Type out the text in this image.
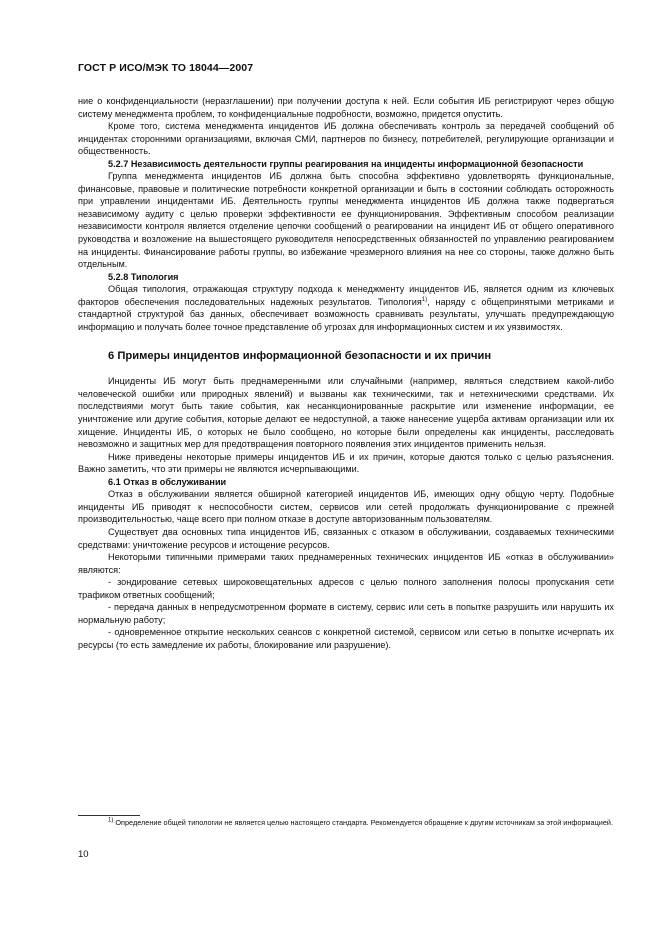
ГОСТ Р ИСО/МЭК ТО 18044—2007

ние о конфиденциальности (неразглашении) при получении доступа к ней. Если события ИБ регистрируют через общую систему менеджмента проблем, то конфиденциальные подробности, возможно, придется опустить.

Кроме того, система менеджмента инцидентов ИБ должна обеспечивать контроль за передачей сообщений об инцидентах сторонними организациями, включая СМИ, партнеров по бизнесу, потребителей, регулирующие организации и общественность.

5.2.7 Независимость деятельности группы реагирования на инциденты информационной безопасности

Группа менеджмента инцидентов ИБ должна быть способна эффективно удовлетворять функциональные, финансовые, правовые и политические потребности конкретной организации и быть в состоянии соблюдать осторожность при управлении инцидентами ИБ. Деятельность группы менеджмента инцидентов ИБ должна также подвергаться независимому аудиту с целью проверки эффективности ее функционирования. Эффективным способом реализации независимости контроля является отделение цепочки сообщений о реагировании на инцидент ИБ от общего оперативного руководства и возложение на вышестоящего руководителя непосредственных обязанностей по управлению реагированием на инциденты. Финансирование работы группы, во избежание чрезмерного влияния на нее со стороны, также должно быть отдельным.

5.2.8 Типология

Общая типология, отражающая структуру подхода к менеджменту инцидентов ИБ, является одним из ключевых факторов обеспечения последовательных надежных результатов. Типология$^{1)}$, наряду с общепринятыми метриками и стандартной структурой баз данных, обеспечивает возможность сравнивать результаты, улучшать предупреждающую информацию и получать более точное представление об угрозах для информационных систем и их уязвимостях.

6 Примеры инцидентов информационной безопасности и их причин

Инциденты ИБ могут быть преднамеренными или случайными (например, являться следствием какой-либо человеческой ошибки или природных явлений) и вызваны как техническими, так и нетехническими средствами. Их последствиями могут быть такие события, как несанкционированные раскрытие или изменение информации, ее уничтожение или другие события, которые делают ее недоступной, а также нанесение ущерба активам организации или их хищение. Инциденты ИБ, о которых не было сообщено, но которые были определены как инциденты, расследовать невозможно и защитных мер для предотвращения повторного появления этих инцидентов применить нельзя.

Ниже приведены некоторые примеры инцидентов ИБ и их причин, которые даются только с целью разъяснения. Важно заметить, что эти примеры не являются исчерпывающими.

6.1 Отказ в обслуживании

Отказ в обслуживании является обширной категорией инцидентов ИБ, имеющих одну общую черту. Подобные инциденты ИБ приводят к неспособности систем, сервисов или сетей продолжать функционирование с прежней производительностью, чаще всего при полном отказе в доступе авторизованным пользователям.

Существует два основных типа инцидентов ИБ, связанных с отказом в обслуживании, создаваемых техническими средствами: уничтожение ресурсов и истощение ресурсов.

Некоторыми типичными примерами таких преднамеренных технических инцидентов ИБ «отказ в обслуживании» являются:

- зондирование сетевых широковещательных адресов с целью полного заполнения полосы пропускания сети трафиком ответных сообщений;

- передача данных в непредусмотренном формате в систему, сервис или сеть в попытке разрушить или нарушить их нормальную работу;

- одновременное открытие нескольких сеансов с конкретной системой, сервисом или сетью в попытке исчерпать их ресурсы (то есть замедление их работы, блокирование или разрушение).

$^{1)}$ Определение общей типологии не является целью настоящего стандарта. Рекомендуется обращение к другим источникам за этой информацией.
10
